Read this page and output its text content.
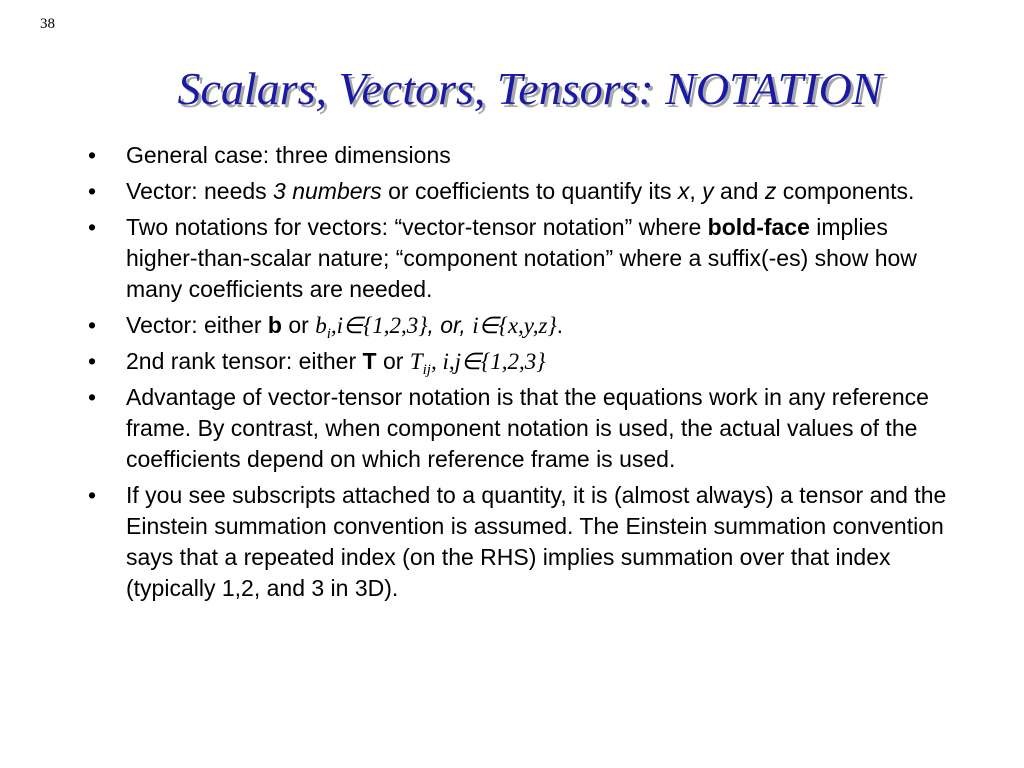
38
Scalars, Vectors, Tensors: NOTATION
• General case: three dimensions
• Vector: needs 3 numbers or coefficients to quantify its x, y and z components.
• Two notations for vectors: “vector-tensor notation” where bold-face implies higher-than-scalar nature; “component notation” where a suffix(-es) show how many coefficients are needed.
• Vector: either b or $b_i,i\in\{1,2,3\}$, or, i∈{x,y,z}.
• 2nd rank tensor: either T or $T_{ij}$, i,j∈{1,2,3}
• Advantage of vector-tensor notation is that the equations work in any reference frame. By contrast, when component notation is used, the actual values of the coefficients depend on which reference frame is used.
• If you see subscripts attached to a quantity, it is (almost always) a tensor and the Einstein summation convention is assumed. The Einstein summation convention says that a repeated index (on the RHS) implies summation over that index (typically 1,2, and 3 in 3D).
